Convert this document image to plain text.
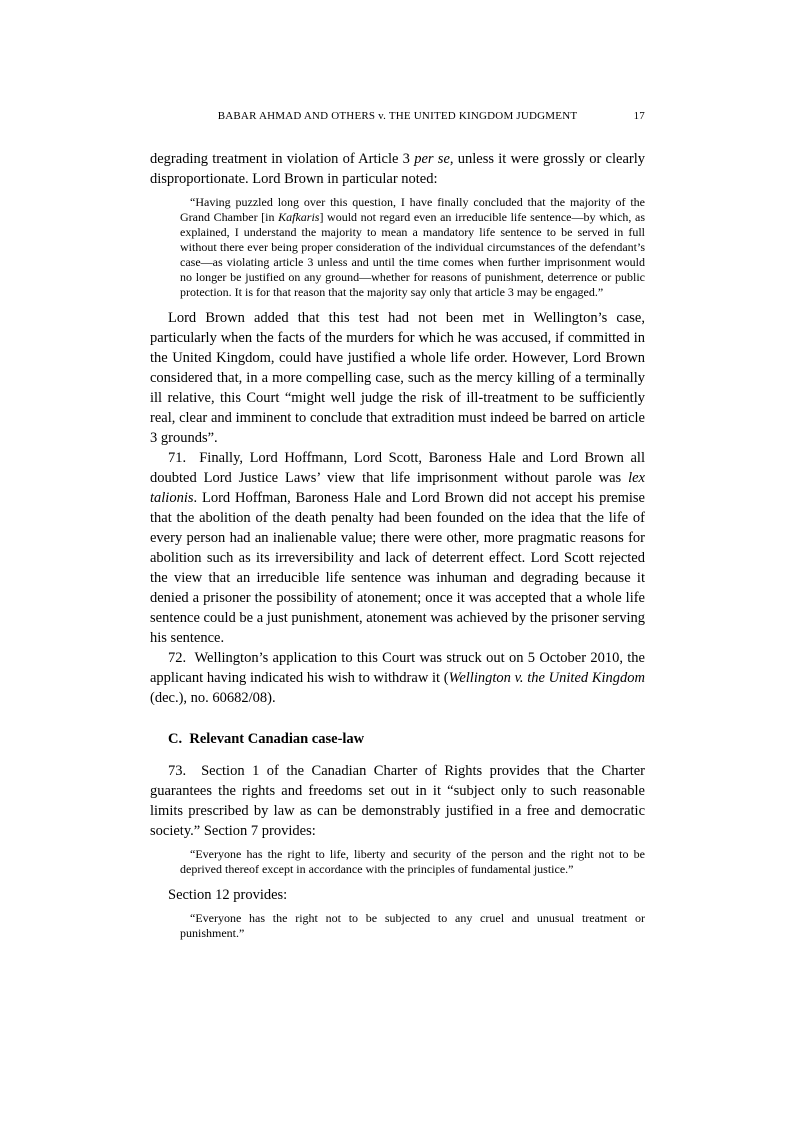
BABAR AHMAD AND OTHERS v. THE UNITED KINGDOM JUDGMENT	17

degrading treatment in violation of Article 3 per se, unless it were grossly or clearly disproportionate. Lord Brown in particular noted:

“Having puzzled long over this question, I have finally concluded that the majority of the Grand Chamber [in Kafkaris] would not regard even an irreducible life sentence—by which, as explained, I understand the majority to mean a mandatory life sentence to be served in full without there ever being proper consideration of the individual circumstances of the defendant’s case—as violating article 3 unless and until the time comes when further imprisonment would no longer be justified on any ground—whether for reasons of punishment, deterrence or public protection. It is for that reason that the majority say only that article 3 may be engaged.”

Lord Brown added that this test had not been met in Wellington’s case, particularly when the facts of the murders for which he was accused, if committed in the United Kingdom, could have justified a whole life order. However, Lord Brown considered that, in a more compelling case, such as the mercy killing of a terminally ill relative, this Court “might well judge the risk of ill-treatment to be sufficiently real, clear and imminent to conclude that extradition must indeed be barred on article 3 grounds”.

71.  Finally, Lord Hoffmann, Lord Scott, Baroness Hale and Lord Brown all doubted Lord Justice Laws’ view that life imprisonment without parole was lex talionis. Lord Hoffman, Baroness Hale and Lord Brown did not accept his premise that the abolition of the death penalty had been founded on the idea that the life of every person had an inalienable value; there were other, more pragmatic reasons for abolition such as its irreversibility and lack of deterrent effect. Lord Scott rejected the view that an irreducible life sentence was inhuman and degrading because it denied a prisoner the possibility of atonement; once it was accepted that a whole life sentence could be a just punishment, atonement was achieved by the prisoner serving his sentence.

72.  Wellington’s application to this Court was struck out on 5 October 2010, the applicant having indicated his wish to withdraw it (Wellington v. the United Kingdom (dec.), no. 60682/08).

C.  Relevant Canadian case-law

73.  Section 1 of the Canadian Charter of Rights provides that the Charter guarantees the rights and freedoms set out in it “subject only to such reasonable limits prescribed by law as can be demonstrably justified in a free and democratic society.” Section 7 provides:

“Everyone has the right to life, liberty and security of the person and the right not to be deprived thereof except in accordance with the principles of fundamental justice.”

Section 12 provides:

“Everyone has the right not to be subjected to any cruel and unusual treatment or punishment.”
